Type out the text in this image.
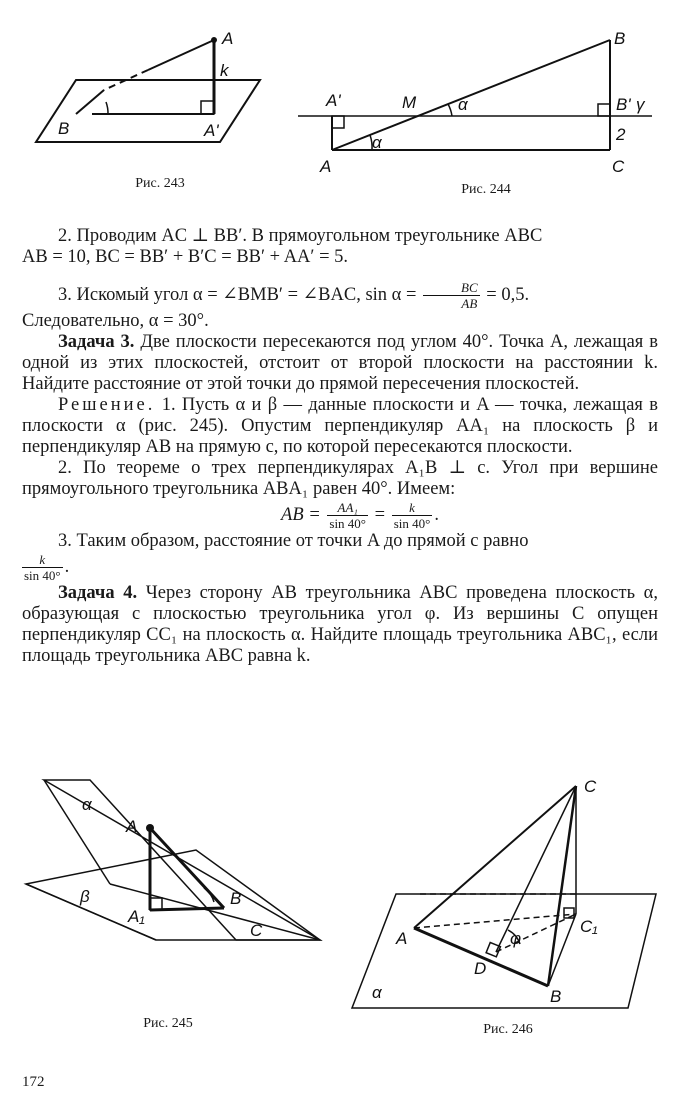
A
k
B	A'
Рис. 243
A'	M α
B
B' γ
A
α	2
C
Рис. 244

2. Проводим AC ⊥ BB′. В прямоугольном треугольнике ABC

AB = 10, BC = BB′ + B′C = BB′ + AA′ = 5.

3. Искомый угол α = ∠BMB′ = ∠BAC, $\sin \alpha = \frac{BC}{AB} = 0,5$.

Следовательно, α = 30°.

Задача 3. Две плоскости пересекаются под углом 40°. Точка A, лежащая в одной из этих плоскостей, отстоит от второй плоскости на расстоянии k. Найдите расстояние от этой точки до прямой пересечения плоскостей.

Решение. 1. Пусть α и β — данные плоскости и A — точка, лежащая в плоскости α (рис. 245). Опустим перпендикуляр AA₁ на плоскость β и перпендикуляр AB на прямую c, по которой пересекаются плоскости.

2. По теореме о трех перпендикулярах A₁B ⊥ c. Угол при вершине прямоугольного треугольника ABA₁ равен 40°. Имеем:

AB = $\frac{\text{AA₁}}{\sin 40^\circ} = \frac{k}{\sin 40^\circ}$ .

3. Таким образом, расстояние от точки A до прямой c равно

$\frac{k}{\sin 40^\circ}$ .

Задача 4. Через сторону AB треугольника ABC проведена плоскость α, образующая с плоскостью треугольника угол φ. Из вершины C опущен перпендикуляр CC₁ на плоскость α. Найдите площадь треугольника ABC₁, если площадь треугольника ABC равна k.

α
A
β
A₁
B
C
Рис. 245
C
A
C₁
φ
D
B
α
Рис. 246
172
